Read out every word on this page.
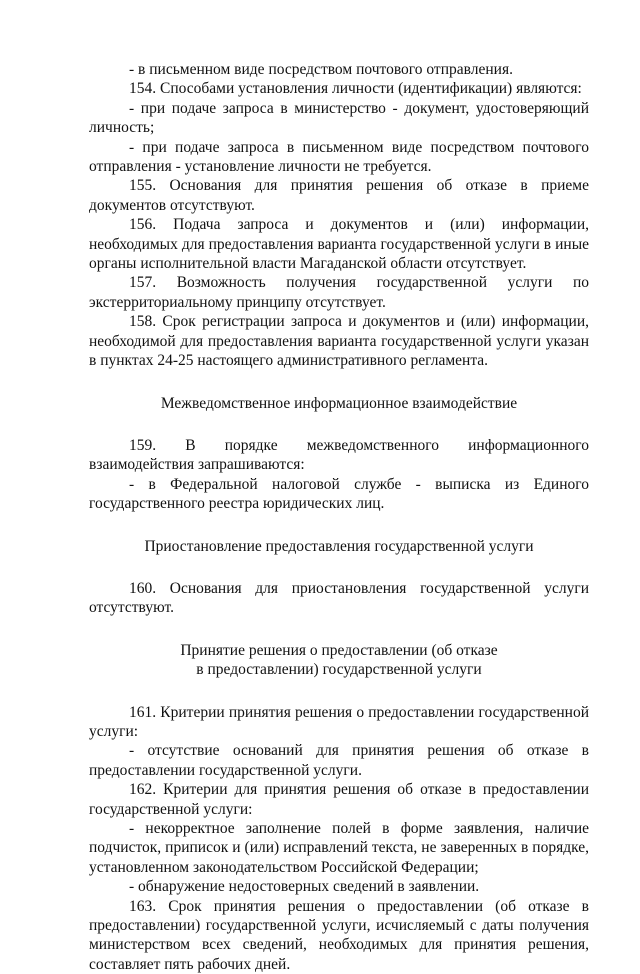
- в письменном виде посредством почтового отправления.

154. Способами установления личности (идентификации) являются:

- при подаче запроса в министерство - документ, удостоверяющий личность;

- при подаче запроса в письменном виде посредством почтового отправления - установление личности не требуется.

155. Основания для принятия решения об отказе в приеме документов отсутствуют.

156. Подача запроса и документов и (или) информации, необходимых для предоставления варианта государственной услуги в иные органы исполнительной власти Магаданской области отсутствует.

157. Возможность получения государственной услуги по экстерриториальному принципу отсутствует.

158. Срок регистрации запроса и документов и (или) информации, необходимой для предоставления варианта государственной услуги указан в пунктах 24-25 настоящего административного регламента.

Межведомственное информационное взаимодействие

159. В порядке межведомственного информационного взаимодействия запрашиваются:

- в Федеральной налоговой службе - выписка из Единого государственного реестра юридических лиц.

Приостановление предоставления государственной услуги

160. Основания для приостановления государственной услуги отсутствуют.

Принятие решения о предоставлении (об отказе

в предоставлении) государственной услуги

161. Критерии принятия решения о предоставлении государственной услуги:

- отсутствие оснований для принятия решения об отказе в предоставлении государственной услуги.

162. Критерии для принятия решения об отказе в предоставлении государственной услуги:

- некорректное заполнение полей в форме заявления, наличие подчисток, приписок и (или) исправлений текста, не заверенных в порядке, установленном законодательством Российской Федерации;

- обнаружение недостоверных сведений в заявлении.

163. Срок принятия решения о предоставлении (об отказе в предоставлении) государственной услуги, исчисляемый с даты получения министерством всех сведений, необходимых для принятия решения, составляет пять рабочих дней.
